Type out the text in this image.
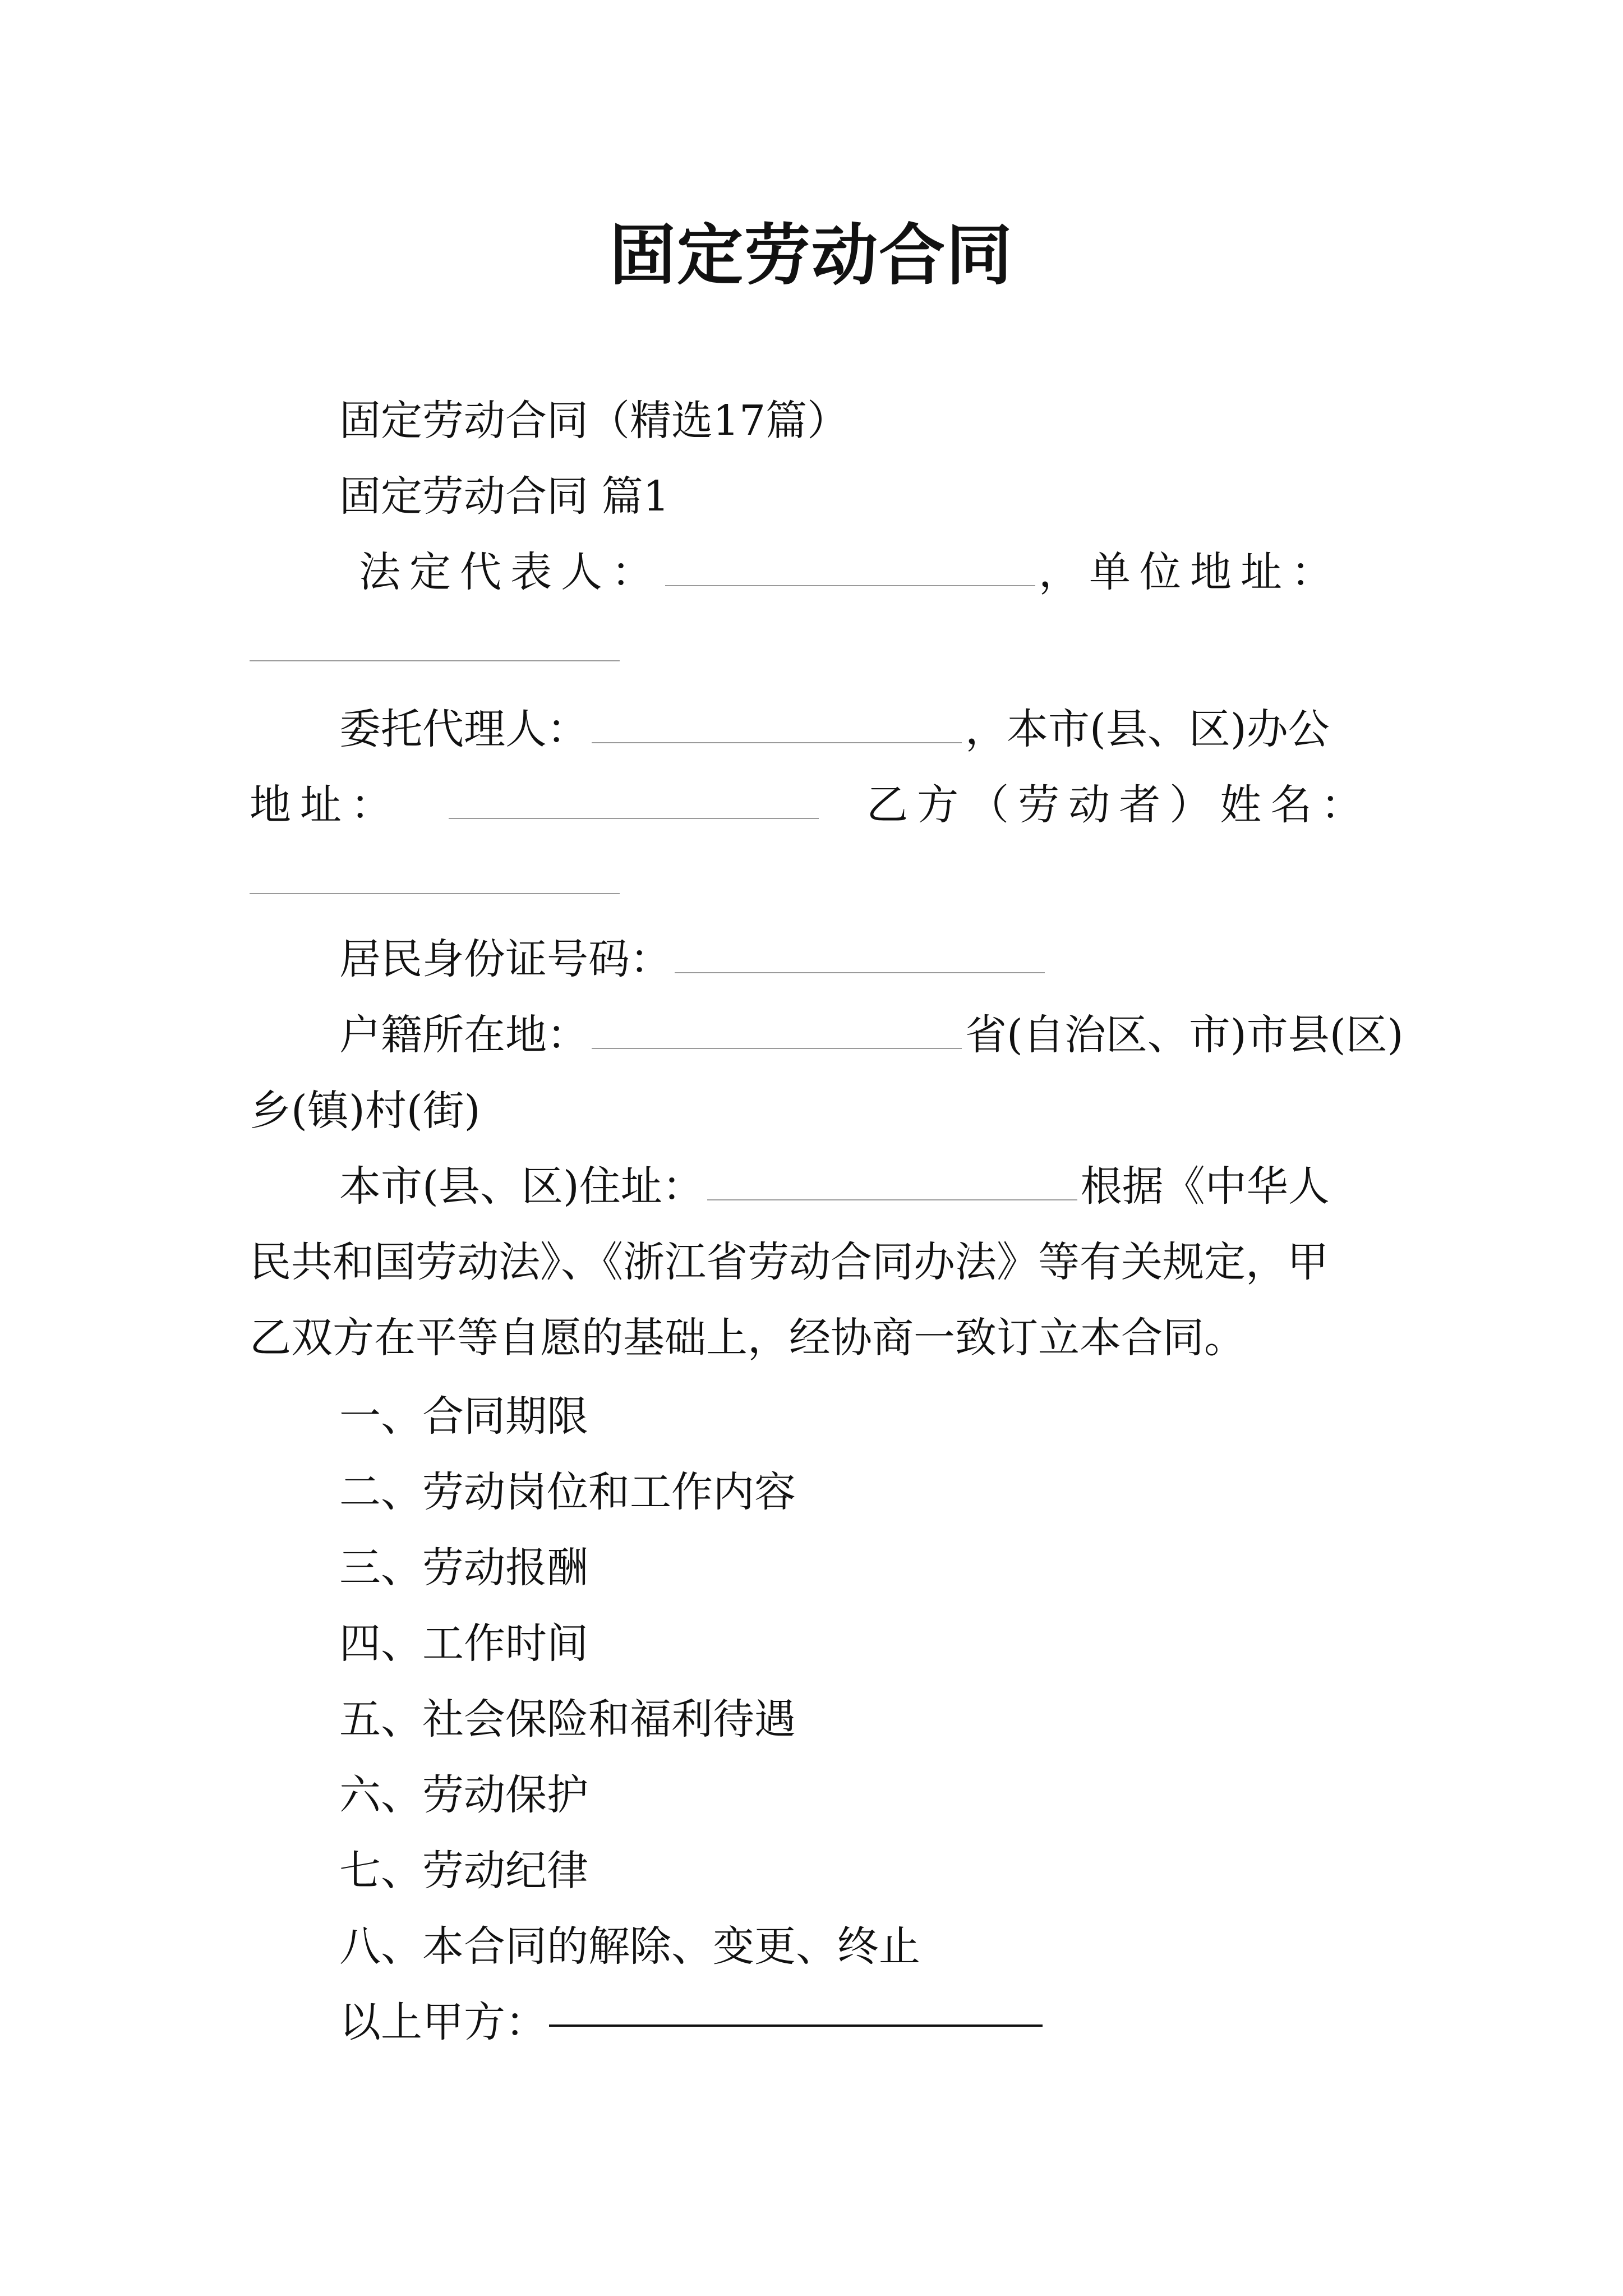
固定劳动合同
固定劳动合同（精选17篇）
固定劳动合同 篇1
法定代表人：	，单位地址：
委托代理人：	，本市(县、区)办公
地址：	乙方（劳动者）姓名：
居民身份证号码：
户籍所在地：	省(自治区、市)市县(区)
乡(镇)村(街)
本市(县、区)住址：	根据《中华人
民共和国劳动法》、《浙江省劳动合同办法》等有关规定，甲
乙双方在平等自愿的基础上，经协商一致订立本合同。
一、合同期限
二、劳动岗位和工作内容
三、劳动报酬
四、工作时间
五、社会保险和福利待遇
六、劳动保护
七、劳动纪律
八、本合同的解除、变更、终止
以上甲方：
